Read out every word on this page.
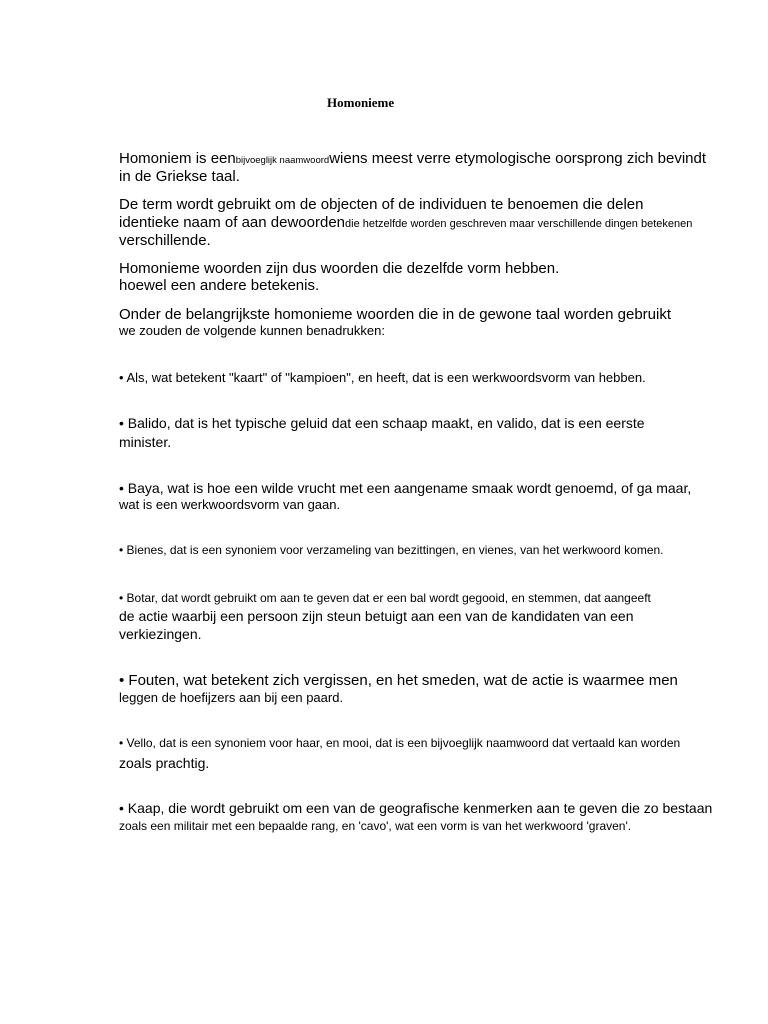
Homonieme
Homoniem is eenbijvoeglijk naamwoordwiens meest verre etymologische oorsprong zich bevindt
in de Griekse taal.
De term wordt gebruikt om de objecten of de individuen te benoemen die delen
identieke naam of aan dewoordendie hetzelfde worden geschreven maar verschillende dingen betekenen
verschillende.
Homonieme woorden zijn dus woorden die dezelfde vorm hebben.
hoewel een andere betekenis.
Onder de belangrijkste homonieme woorden die in de gewone taal worden gebruikt
we zouden de volgende kunnen benadrukken:
• Als, wat betekent "kaart" of "kampioen", en heeft, dat is een werkwoordsvorm van hebben.
• Balido, dat is het typische geluid dat een schaap maakt, en valido, dat is een eerste
minister.
• Baya, wat is hoe een wilde vrucht met een aangename smaak wordt genoemd, of ga maar,
wat is een werkwoordsvorm van gaan.
• Bienes, dat is een synoniem voor verzameling van bezittingen, en vienes, van het werkwoord komen.
• Botar, dat wordt gebruikt om aan te geven dat er een bal wordt gegooid, en stemmen, dat aangeeft
de actie waarbij een persoon zijn steun betuigt aan een van de kandidaten van een
verkiezingen.
• Fouten, wat betekent zich vergissen, en het smeden, wat de actie is waarmee men
leggen de hoefijzers aan bij een paard.
• Vello, dat is een synoniem voor haar, en mooi, dat is een bijvoeglijk naamwoord dat vertaald kan worden
zoals prachtig.
• Kaap, die wordt gebruikt om een van de geografische kenmerken aan te geven die zo bestaan
zoals een militair met een bepaalde rang, en 'cavo', wat een vorm is van het werkwoord 'graven'.
